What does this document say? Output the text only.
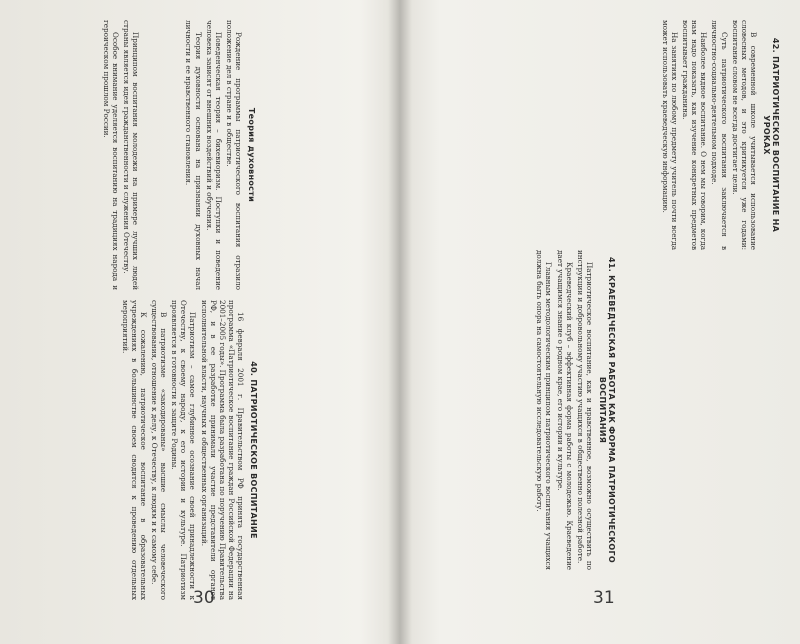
40. ПАТРИОТИЧЕСКОЕ ВОСПИТАНИЕ

16 февраля 2001 г. Правительством РФ принята государственная программа «Патриотическое воспитание граждан Российской Федерации на 2001–2005 годы». Программа была разработана по поручению Правительства РФ, и в ее разработке принимали участие представители органов исполнительной власти, научных и общественных организаций.

Патриотизм – самое глубинное осознание своей принадлежности к Отечеству, к своему народу, к его истории и культуре. Патриотизм проявляется в готовности к защите Родины.

В патриотизме «закодированы» высшие смыслы человеческого существования, отношение к делу, к Отечеству, к людям и к самому себе.

К сожалению, патриотическое воспитание в образовательных учреждениях в большинстве своем сводится к проведению отдельных мероприятий.

Теория духовности

Рождение программы патриотического воспитания отразило положение дел в стране и в обществе.

Поведенческая теория – бихевиоризм. Поступки и поведение человека зависят от внешних воздействий и обучения.

Теория духовности основана на признании духовных начал личности и ее нравственного становления.

Принципом воспитания молодежи на примере лучших людей страны является идея гражданственности и служения Отечеству.

Особое внимание уделяется воспитанию на традициях народа и героическом прошлом России.

30
41. КРАЕВЕДЧЕСКАЯ РАБОТА КАК ФОРМА ПАТРИОТИЧЕСКОГО ВОСПИТАНИЯ

Патриотическое воспитание, как и нравственное, возможно осуществить по инструкции и добровольному участию учащихся в общественно полезной работе.

Краеведческий клуб – эффективная форма работы с молодежью. Краеведение дает учащимся знание о родном крае, его истории и культуре.

Главным методологическим принципом патриотического воспитания учащихся должна быть опора на самостоятельную исследовательскую работу.

42. ПАТРИОТИЧЕСКОЕ ВОСПИТАНИЕ НА УРОКАХ

В современной школе учитывается использование словесных методов, и это критикуется уже годами: воспитание словом не всегда достигает цели.

Суть патриотического воспитания заключается в личностно-социально-деятельном подходе.

Наиболее видное воспитание. О нем мы говорим, когда нам надо показать, как изучение конкретных предметов воспитывает гражданина.

На занятиях по любому предмету учитель почти всегда может использовать краеведческую информацию.

31
